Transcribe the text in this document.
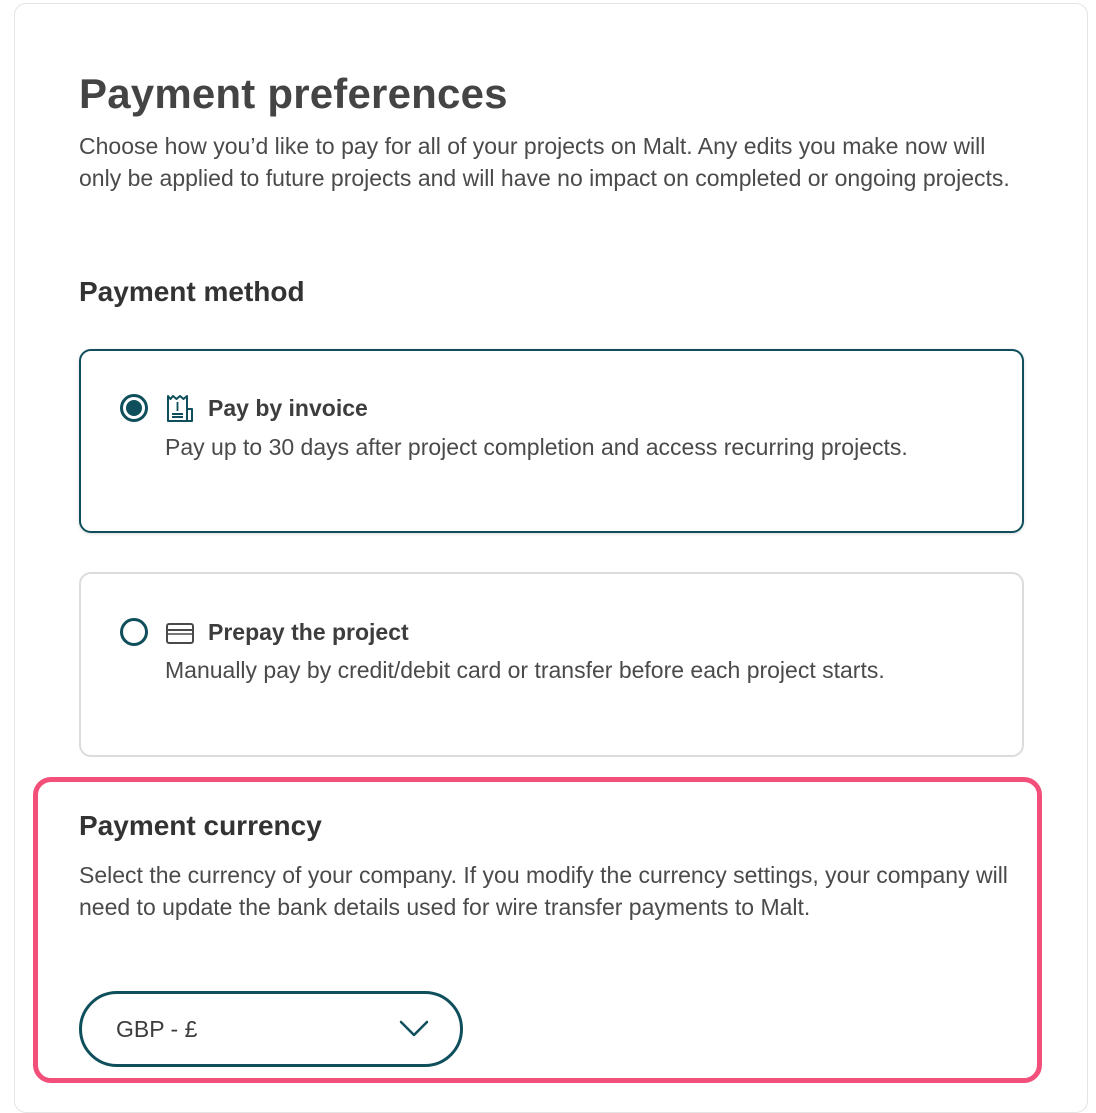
Payment preferences

Choose how you’d like to pay for all of your projects on Malt. Any edits you make now will only be applied to future projects and will have no impact on completed or ongoing projects.

Payment method
Pay by invoice
Pay up to 30 days after project completion and access recurring projects.
Prepay the project
Manually pay by credit/debit card or transfer before each project starts.
Payment currency

Select the currency of your company. If you modify the currency settings, your company will need to update the bank details used for wire transfer payments to Malt.

GBP - £
